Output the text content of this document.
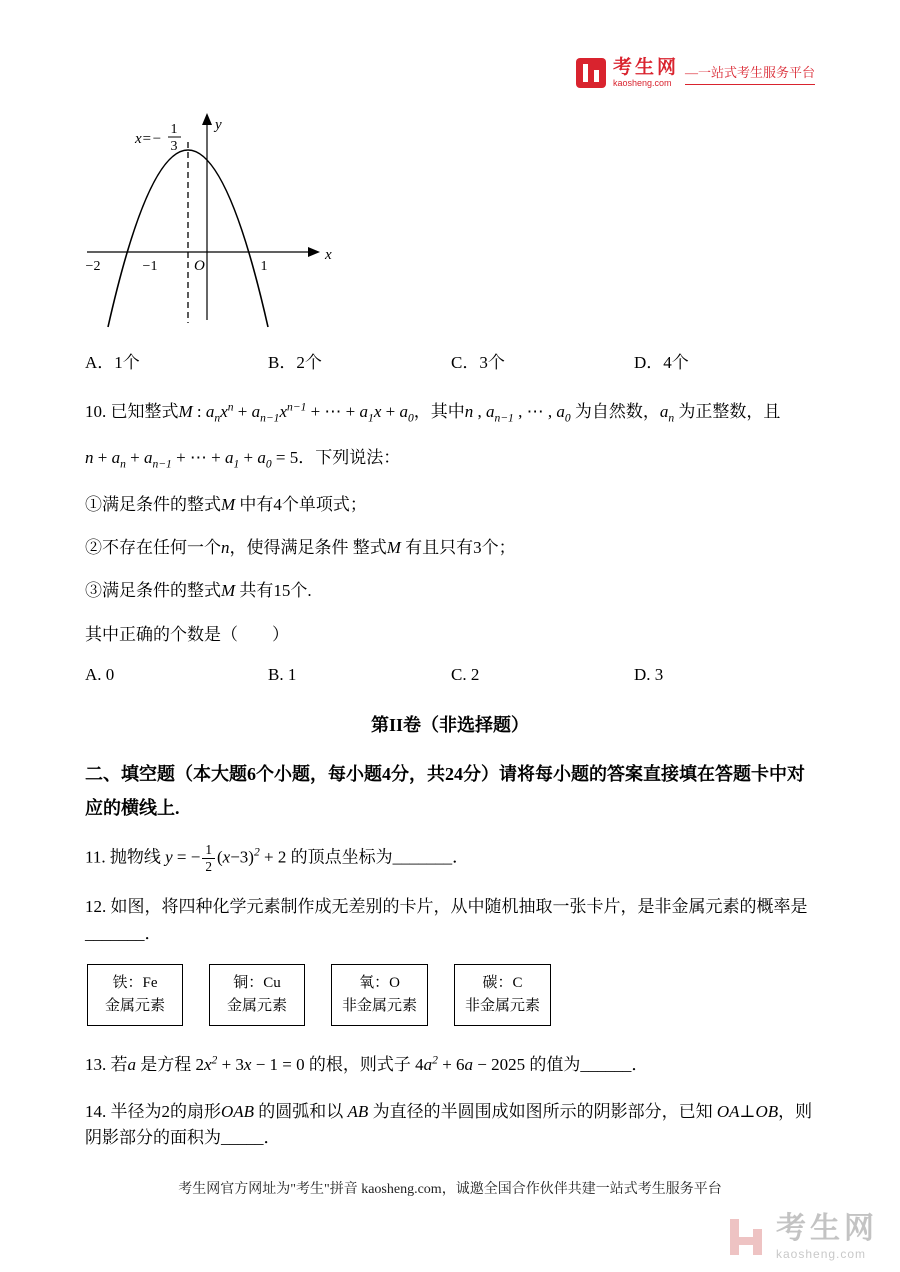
考生网
kaosheng.com
—一站式考生服务平台
x=−
1
3
y
x
O
−2	−1	1
A．1个	B．2个	C．3个	D．4个

10. 已知整式M : $a_nx^n + a_{n-1}x^{n-1}$ + ⋯ + $a_1x + a_0$，其中n , $a_{n-1}$ , ⋯ , $a_0$ 为自然数，$a_n$ 为正整数，且

$n + a_n + a_{n-1}$ + ⋯ + $a_1 + a_0 = 5$．下列说法：

①满足条件的整式M 中有4个单项式；

②不存在任何一个n，使得满足条件 整式M 有且只有3个；

③满足条件的整式M 共有15个.

其中正确的个数是（　　）

A. 0	B. 1	C. 2	D. 3
第II卷（非选择题）

二、填空题（本大题6个小题，每小题4分，共24分）请将每小题的答案直接填在答题卡中对应的横线上.

11. 抛物线 y = − $\frac{1}{2} (x-3)^2 + 2$ 的顶点坐标为_______．

12. 如图，将四种化学元素制作成无差别的卡片，从中随机抽取一张卡片，是非金属元素的概率是_______．

铁：Fe
金属元素
铜：Cu
金属元素
氧：O
非金属元素
碳：C
非金属元素

13. 若a 是方程 $2x^2 + 3x - 1 = 0$ 的根，则式子 $4a^2 + 6a - 2025$ 的值为______．

14. 半径为2的扇形OAB 的圆弧和以 AB 为直径的半圆围成如图所示的阴影部分，已知 OA⊥OB，则阴影部分的面积为_____．

考生网官方网址为"考生"拼音 kaosheng.com，诚邀全国合作伙伴共建一站式考生服务平台
考生网
kaosheng.com
